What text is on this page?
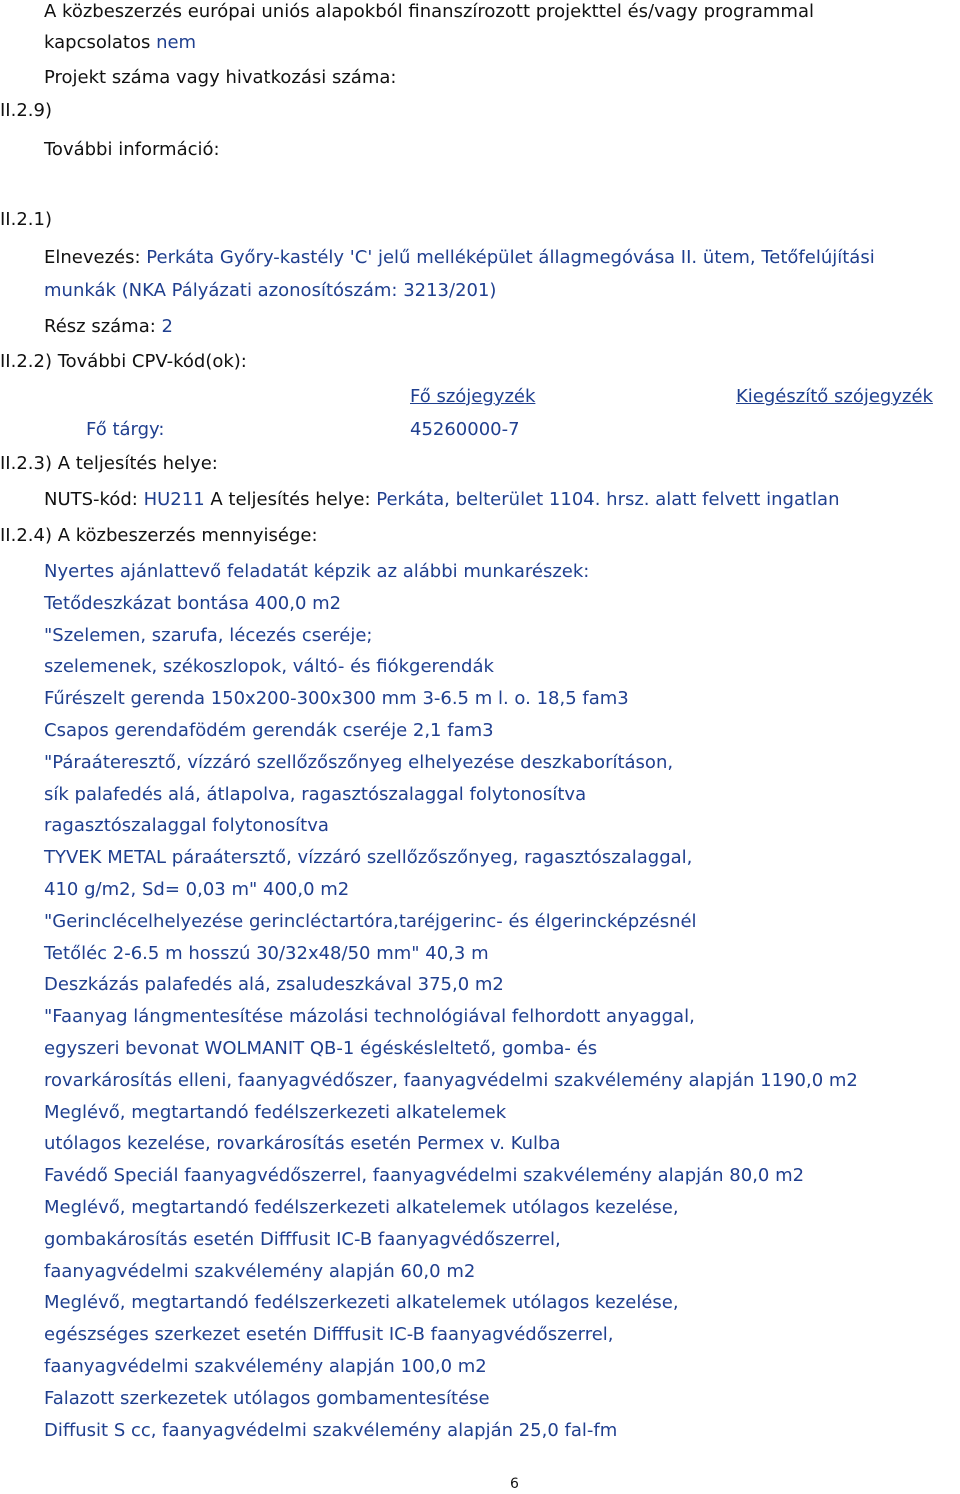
A közbeszerzés európai uniós alapokból finanszírozott projekttel és/vagy programmal
kapcsolatos nem
Projekt száma vagy hivatkozási száma:
II.2.9)
További információ:
II.2.1)
Elnevezés: Perkáta Győry-kastély 'C' jelű melléképület állagmegóvása II. ütem, Tetőfelújítási
munkák (NKA Pályázati azonosítószám: 3213/201)
Rész száma: 2
II.2.2) További CPV-kód(ok):
Fő szójegyzék	Kiegészítő szójegyzék
Fő tárgy:	45260000-7
II.2.3) A teljesítés helye:
NUTS-kód: HU211 A teljesítés helye: Perkáta, belterület 1104. hrsz. alatt felvett ingatlan
II.2.4) A közbeszerzés mennyisége:
Nyertes ajánlattevő feladatát képzik az alábbi munkarészek:
Tetődeszkázat bontása 400,0 m2
"Szelemen, szarufa, lécezés cseréje;
szelemenek, székoszlopok, váltó- és fiókgerendák
Fűrészelt gerenda 150x200-300x300 mm 3-6.5 m l. o. 18,5 fam3
Csapos gerendafödém gerendák cseréje 2,1 fam3
"Páraáteresztő, vízzáró szellőzőszőnyeg elhelyezése deszkaborításon,
sík palafedés alá, átlapolva, ragasztószalaggal folytonosítva
ragasztószalaggal folytonosítva
TYVEK METAL páraátersztő, vízzáró szellőzőszőnyeg, ragasztószalaggal,
410 g/m2, Sd= 0,03 m" 400,0 m2
"Gerinclécelhelyezése gerincléctartóra,taréjgerinc- és élgerincképzésnél
Tetőléc 2-6.5 m hosszú 30/32x48/50 mm" 40,3 m
Deszkázás palafedés alá, zsaludeszkával 375,0 m2
"Faanyag lángmentesítése mázolási technológiával felhordott anyaggal,
egyszeri bevonat WOLMANIT QB-1 égéskésleltető, gomba- és
rovarkárosítás elleni, faanyagvédőszer, faanyagvédelmi szakvélemény alapján 1190,0 m2
Meglévő, megtartandó fedélszerkezeti alkatelemek
utólagos kezelése, rovarkárosítás esetén Permex v. Kulba
Favédő Speciál faanyagvédőszerrel, faanyagvédelmi szakvélemény alapján 80,0 m2
Meglévő, megtartandó fedélszerkezeti alkatelemek utólagos kezelése,
gombakárosítás esetén Difffusit IC-B faanyagvédőszerrel,
faanyagvédelmi szakvélemény alapján 60,0 m2
Meglévő, megtartandó fedélszerkezeti alkatelemek utólagos kezelése,
egészséges szerkezet esetén Difffusit IC-B faanyagvédőszerrel,
faanyagvédelmi szakvélemény alapján 100,0 m2
Falazott szerkezetek utólagos gombamentesítése
Diffusit S cc, faanyagvédelmi szakvélemény alapján 25,0 fal-fm
6
